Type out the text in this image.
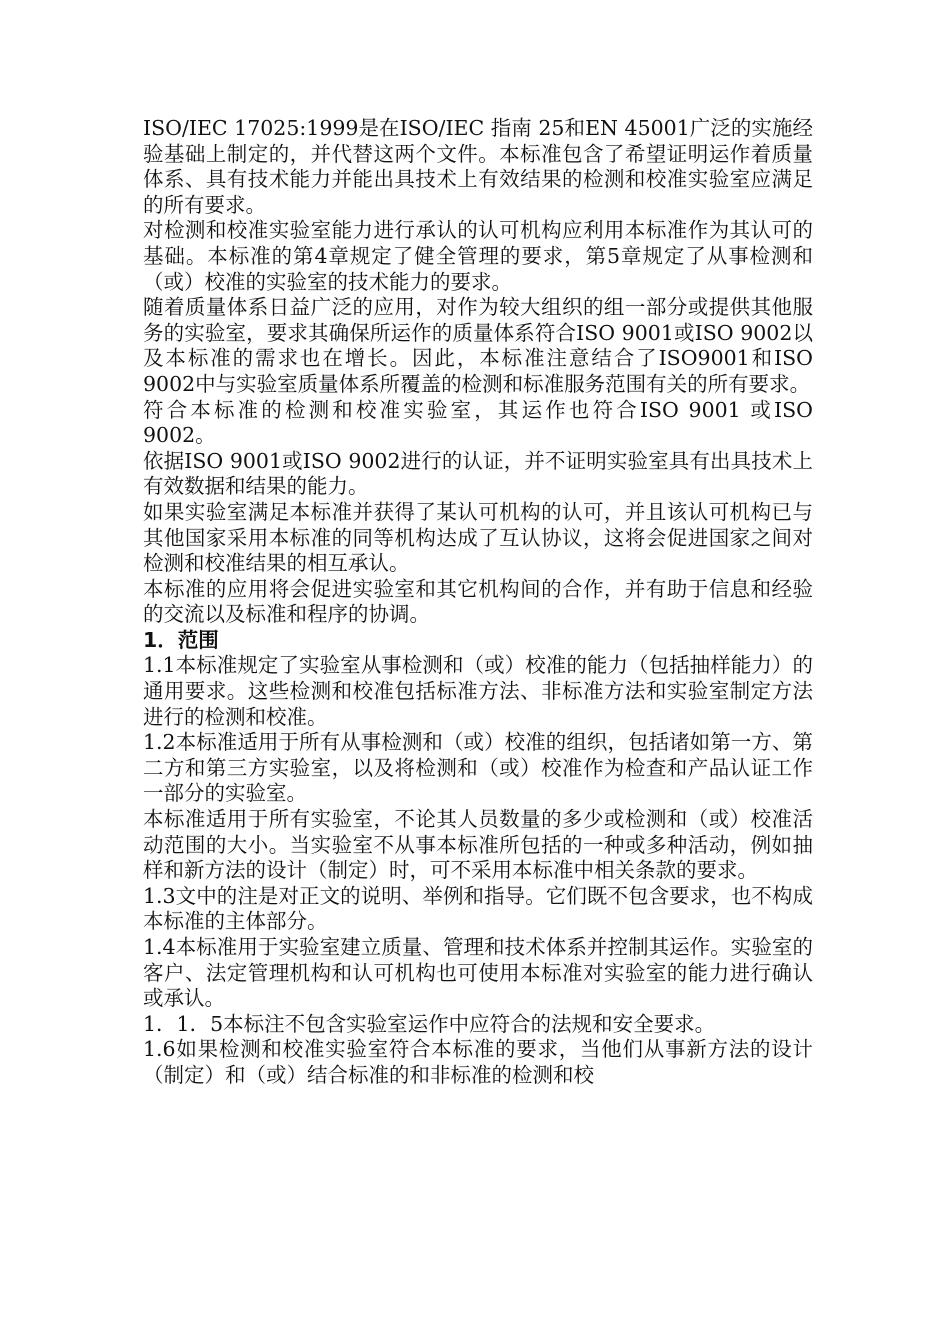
ISO/IEC 17025:1999是在ISO/IEC 指南 25和EN 45001广泛的实施经验基础上制定的，并代替这两个文件。本标准包含了希望证明运作着质量体系、具有技术能力并能出具技术上有效结果的检测和校准实验室应满足的所有要求。

对检测和校准实验室能力进行承认的认可机构应利用本标准作为其认可的基础。本标准的第4章规定了健全管理的要求，第5章规定了从事检测和（或）校准的实验室的技术能力的要求。

随着质量体系日益广泛的应用，对作为较大组织的组一部分或提供其他服务的实验室，要求其确保所运作的质量体系符合ISO 9001或ISO 9002以及本标准的需求也在增长。因此，本标准注意结合了ISO9001和ISO 9002中与实验室质量体系所覆盖的检测和标准服务范围有关的所有要求。

符合本标准的检测和校准实验室，其运作也符合ISO 9001 或ISO 9002。

依据ISO 9001或ISO 9002进行的认证，并不证明实验室具有出具技术上有效数据和结果的能力。

如果实验室满足本标准并获得了某认可机构的认可，并且该认可机构已与其他国家采用本标准的同等机构达成了互认协议，这将会促进国家之间对检测和校准结果的相互承认。

本标准的应用将会促进实验室和其它机构间的合作，并有助于信息和经验的交流以及标准和程序的协调。

1．范围

1.1本标准规定了实验室从事检测和（或）校准的能力（包括抽样能力）的通用要求。这些检测和校准包括标准方法、非标准方法和实验室制定方法进行的检测和校准。

1.2本标准适用于所有从事检测和（或）校准的组织，包括诸如第一方、第二方和第三方实验室，以及将检测和（或）校准作为检查和产品认证工作一部分的实验室。

本标准适用于所有实验室，不论其人员数量的多少或检测和（或）校准活动范围的大小。当实验室不从事本标准所包括的一种或多种活动，例如抽样和新方法的设计（制定）时，可不采用本标准中相关条款的要求。

1.3文中的注是对正文的说明、举例和指导。它们既不包含要求，也不构成本标准的主体部分。

1.4本标准用于实验室建立质量、管理和技术体系并控制其运作。实验室的客户、法定管理机构和认可机构也可使用本标准对实验室的能力进行确认或承认。

1．1．5本标注不包含实验室运作中应符合的法规和安全要求。

1.6如果检测和校准实验室符合本标准的要求，当他们从事新方法的设计（制定）和（或）结合标准的和非标准的检测和校
